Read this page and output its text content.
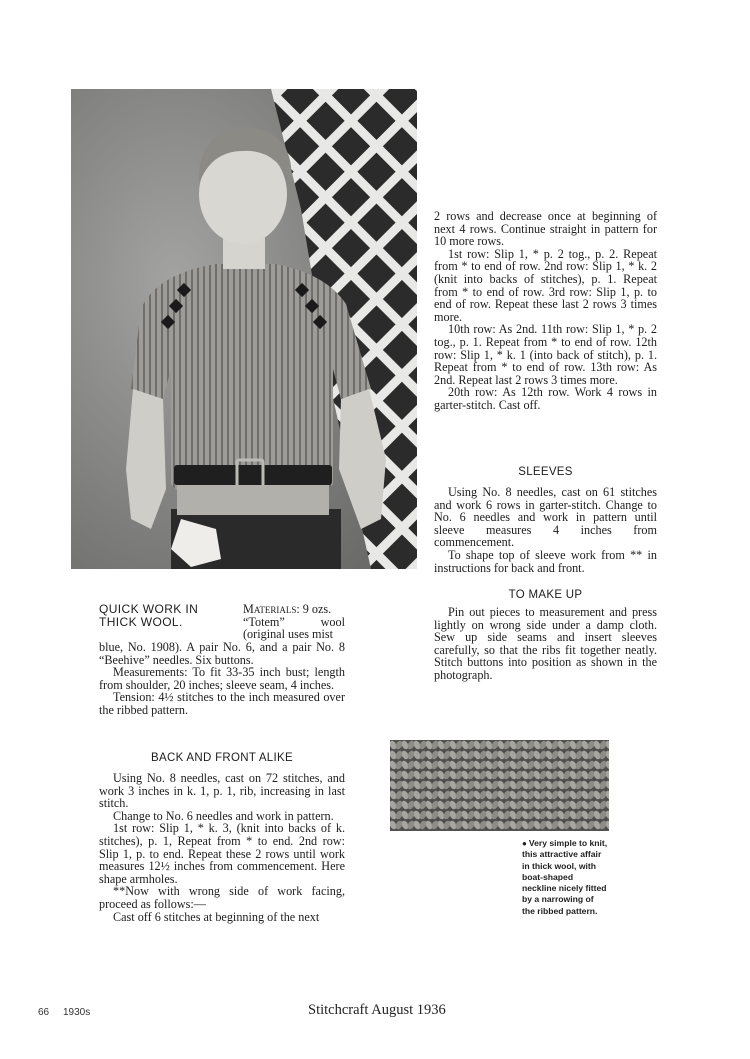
2 rows and decrease once at beginning of next 4 rows. Continue straight in pattern for 10 more rows.

1st row: Slip 1, * p. 2 tog., p. 2. Repeat from * to end of row. 2nd row: Slip 1, * k. 2 (knit into backs of stitches), p. 1. Repeat from * to end of row. 3rd row: Slip 1, p. to end of row. Repeat these last 2 rows 3 times more.

10th row: As 2nd. 11th row: Slip 1, * p. 2 tog., p. 1. Repeat from * to end of row. 12th row: Slip 1, * k. 1 (into back of stitch), p. 1. Repeat from * to end of row. 13th row: As 2nd. Repeat last 2 rows 3 times more.

20th row: As 12th row. Work 4 rows in garter-stitch. Cast off.

SLEEVES

Using No. 8 needles, cast on 61 stitches and work 6 rows in garter-stitch. Change to No. 6 needles and work in pattern until sleeve measures 4 inches from commencement.

To shape top of sleeve work from ** in instructions for back and front.

TO MAKE UP

Pin out pieces to measurement and press lightly on wrong side under a damp cloth. Sew up side seams and insert sleeves carefully, so that the ribs fit together neatly. Stitch buttons into position as shown in the photograph.

QUICK WORK IN
THICK WOOL.
Materials: 9 ozs.
“Totem” wool
(original uses mist

blue, No. 1908). A pair No. 6, and a pair No. 8 “Beehive” needles. Six buttons.

Measurements: To fit 33-35 inch bust; length from shoulder, 20 inches; sleeve seam, 4 inches.

Tension: 4½ stitches to the inch measured over the ribbed pattern.

BACK AND FRONT ALIKE

Using No. 8 needles, cast on 72 stitches, and work 3 inches in k. 1, p. 1, rib, increasing in last stitch.

Change to No. 6 needles and work in pattern.

1st row: Slip 1, * k. 3, (knit into backs of k. stitches), p. 1, Repeat from * to end. 2nd row: Slip 1, p. to end. Repeat these 2 rows until work measures 12½ inches from commencement. Here shape armholes.

**Now with wrong side of work facing, proceed as follows:—

Cast off 6 stitches at beginning of the next

● Very simple to knit, this attractive affair in thick wool, with boat-shaped neckline nicely fitted by a narrowing of the ribbed pattern.
66 1930s	Stitchcraft August 1936
